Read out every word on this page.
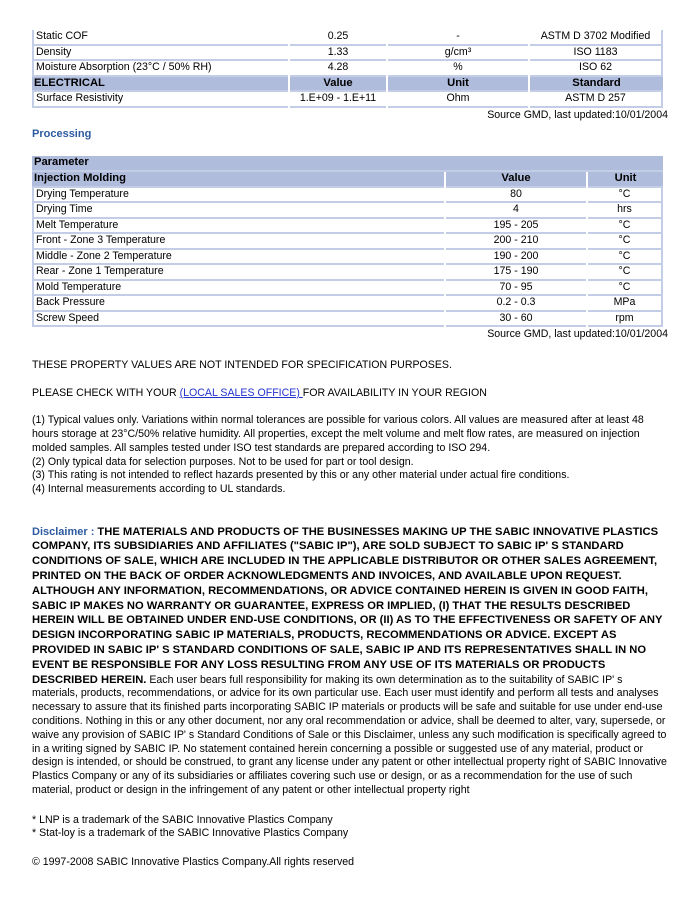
Static COF	0.25	-	ASTM D 3702 Modified
Density	1.33	g/cm³	ISO 1183
Moisture Absorption (23°C / 50% RH)	4.28	%	ISO 62
ELECTRICAL	Value	Unit	Standard
Surface Resistivity	1.E+09 - 1.E+11	Ohm	ASTM D 257
Source GMD, last updated:10/01/2004
Processing
Parameter		
Injection Molding	Value	Unit
Drying Temperature	80	°C
Drying Time	4	hrs
Melt Temperature	195 - 205	°C
Front - Zone 3 Temperature	200 - 210	°C
Middle - Zone 2 Temperature	190 - 200	°C
Rear - Zone 1 Temperature	175 - 190	°C
Mold Temperature	70 - 95	°C
Back Pressure	0.2 - 0.3	MPa
Screw Speed	30 - 60	rpm
Source GMD, last updated:10/01/2004

THESE PROPERTY VALUES ARE NOT INTENDED FOR SPECIFICATION PURPOSES.

PLEASE CHECK WITH YOUR (LOCAL SALES OFFICE) FOR AVAILABILITY IN YOUR REGION

(1) Typical values only. Variations within normal tolerances are possible for various colors. All values are measured after at least 48 hours storage at 23°C/50% relative humidity. All properties, except the melt volume and melt flow rates, are measured on injection molded samples. All samples tested under ISO test standards are prepared according to ISO 294.

(2) Only typical data for selection purposes. Not to be used for part or tool design.

(3) This rating is not intended to reflect hazards presented by this or any other material under actual fire conditions.

(4) Internal measurements according to UL standards.

Disclaimer : THE MATERIALS AND PRODUCTS OF THE BUSINESSES MAKING UP THE SABIC INNOVATIVE PLASTICS COMPANY, ITS SUBSIDIARIES AND AFFILIATES ("SABIC IP"), ARE SOLD SUBJECT TO SABIC IP' S STANDARD CONDITIONS OF SALE, WHICH ARE INCLUDED IN THE APPLICABLE DISTRIBUTOR OR OTHER SALES AGREEMENT, PRINTED ON THE BACK OF ORDER ACKNOWLEDGMENTS AND INVOICES, AND AVAILABLE UPON REQUEST. ALTHOUGH ANY INFORMATION, RECOMMENDATIONS, OR ADVICE CONTAINED HEREIN IS GIVEN IN GOOD FAITH, SABIC IP MAKES NO WARRANTY OR GUARANTEE, EXPRESS OR IMPLIED, (I) THAT THE RESULTS DESCRIBED HEREIN WILL BE OBTAINED UNDER END-USE CONDITIONS, OR (II) AS TO THE EFFECTIVENESS OR SAFETY OF ANY DESIGN INCORPORATING SABIC IP MATERIALS, PRODUCTS, RECOMMENDATIONS OR ADVICE. EXCEPT AS PROVIDED IN SABIC IP' S STANDARD CONDITIONS OF SALE, SABIC IP AND ITS REPRESENTATIVES SHALL IN NO EVENT BE RESPONSIBLE FOR ANY LOSS RESULTING FROM ANY USE OF ITS MATERIALS OR PRODUCTS DESCRIBED HEREIN. Each user bears full responsibility for making its own determination as to the suitability of SABIC IP' s materials, products, recommendations, or advice for its own particular use. Each user must identify and perform all tests and analyses necessary to assure that its finished parts incorporating SABIC IP materials or products will be safe and suitable for use under end-use conditions. Nothing in this or any other document, nor any oral recommendation or advice, shall be deemed to alter, vary, supersede, or waive any provision of SABIC IP' s Standard Conditions of Sale or this Disclaimer, unless any such modification is specifically agreed to in a writing signed by SABIC IP. No statement contained herein concerning a possible or suggested use of any material, product or design is intended, or should be construed, to grant any license under any patent or other intellectual property right of SABIC Innovative Plastics Company or any of its subsidiaries or affiliates covering such use or design, or as a recommendation for the use of such material, product or design in the infringement of any patent or other intellectual property right

* LNP is a trademark of the SABIC Innovative Plastics Company

* Stat-loy is a trademark of the SABIC Innovative Plastics Company

© 1997-2008 SABIC Innovative Plastics Company.All rights reserved
